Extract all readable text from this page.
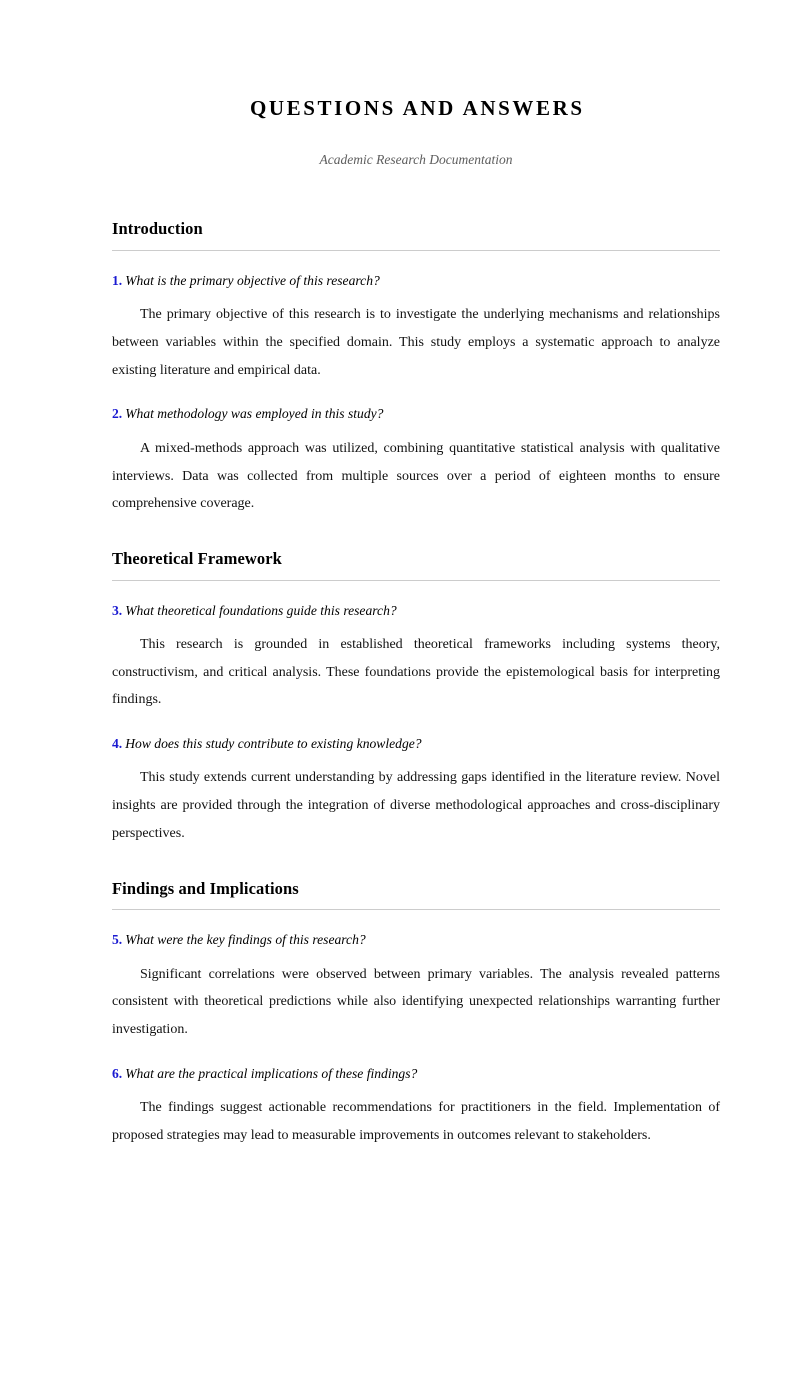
QUESTIONS AND ANSWERS

Academic Research Documentation

Introduction

1. What is the primary objective of this research?

The primary objective of this research is to investigate the underlying mechanisms and relationships between variables within the specified domain. This study employs a systematic approach to analyze existing literature and empirical data.

2. What methodology was employed in this study?

A mixed-methods approach was utilized, combining quantitative statistical analysis with qualitative interviews. Data was collected from multiple sources over a period of eighteen months to ensure comprehensive coverage.

Theoretical Framework

3. What theoretical foundations guide this research?

This research is grounded in established theoretical frameworks including systems theory, constructivism, and critical analysis. These foundations provide the epistemological basis for interpreting findings.

4. How does this study contribute to existing knowledge?

This study extends current understanding by addressing gaps identified in the literature review. Novel insights are provided through the integration of diverse methodological approaches and cross-disciplinary perspectives.

Findings and Implications

5. What were the key findings of this research?

Significant correlations were observed between primary variables. The analysis revealed patterns consistent with theoretical predictions while also identifying unexpected relationships warranting further investigation.

6. What are the practical implications of these findings?

The findings suggest actionable recommendations for practitioners in the field. Implementation of proposed strategies may lead to measurable improvements in outcomes relevant to stakeholders.
